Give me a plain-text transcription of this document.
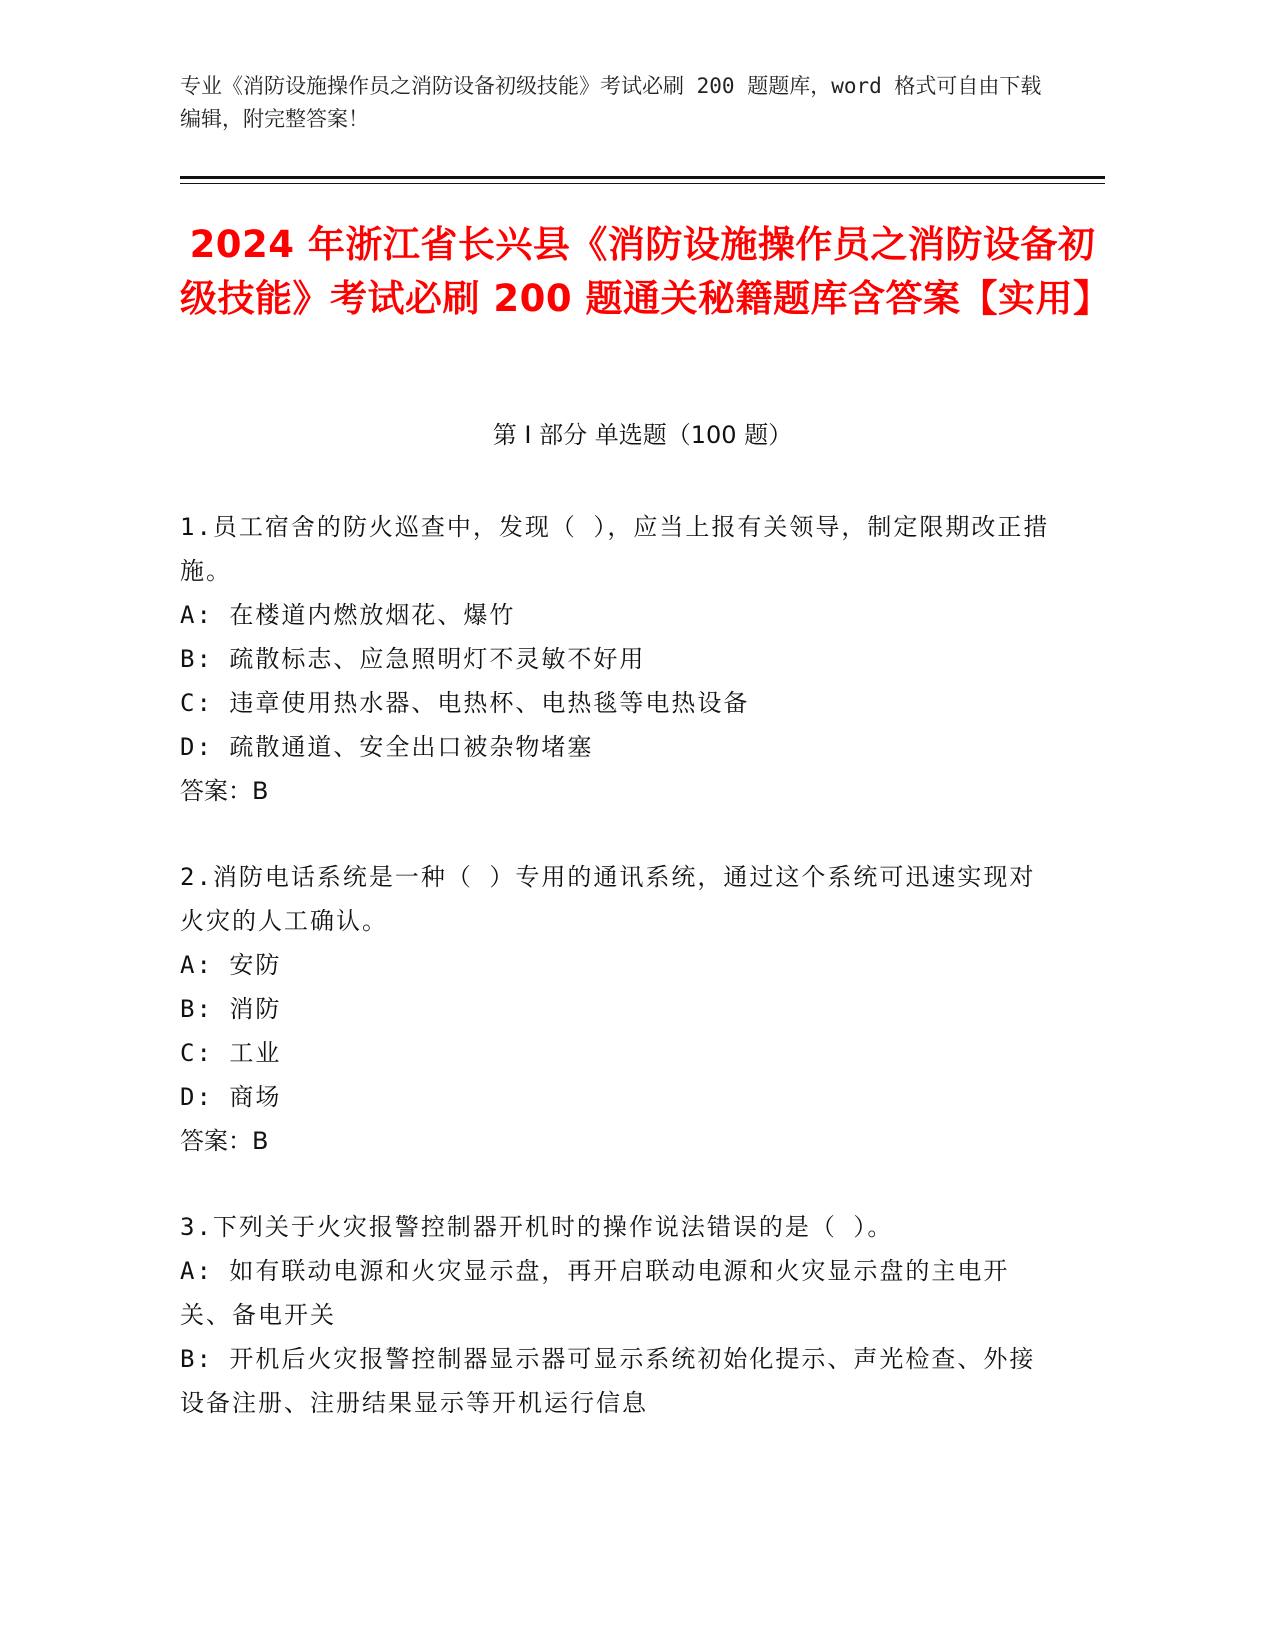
专业《消防设施操作员之消防设备初级技能》考试必刷 200 题题库，word 格式可自由下载编辑，附完整答案！
2024 年浙江省长兴县《消防设施操作员之消防设备初级技能》考试必刷 200 题通关秘籍题库含答案【实用】
第 I 部分 单选题（100 题）
1.员工宿舍的防火巡查中，发现（ ），应当上报有关领导，制定限期改正措施。
A: 在楼道内燃放烟花、爆竹
B: 疏散标志、应急照明灯不灵敏不好用
C: 违章使用热水器、电热杯、电热毯等电热设备
D: 疏散通道、安全出口被杂物堵塞
答案：B
2.消防电话系统是一种（ ）专用的通讯系统，通过这个系统可迅速实现对火灾的人工确认。
A: 安防
B: 消防
C: 工业
D: 商场
答案：B
3.下列关于火灾报警控制器开机时的操作说法错误的是（ ）。
A: 如有联动电源和火灾显示盘，再开启联动电源和火灾显示盘的主电开关、备电开关
B: 开机后火灾报警控制器显示器可显示系统初始化提示、声光检查、外接设备注册、注册结果显示等开机运行信息
